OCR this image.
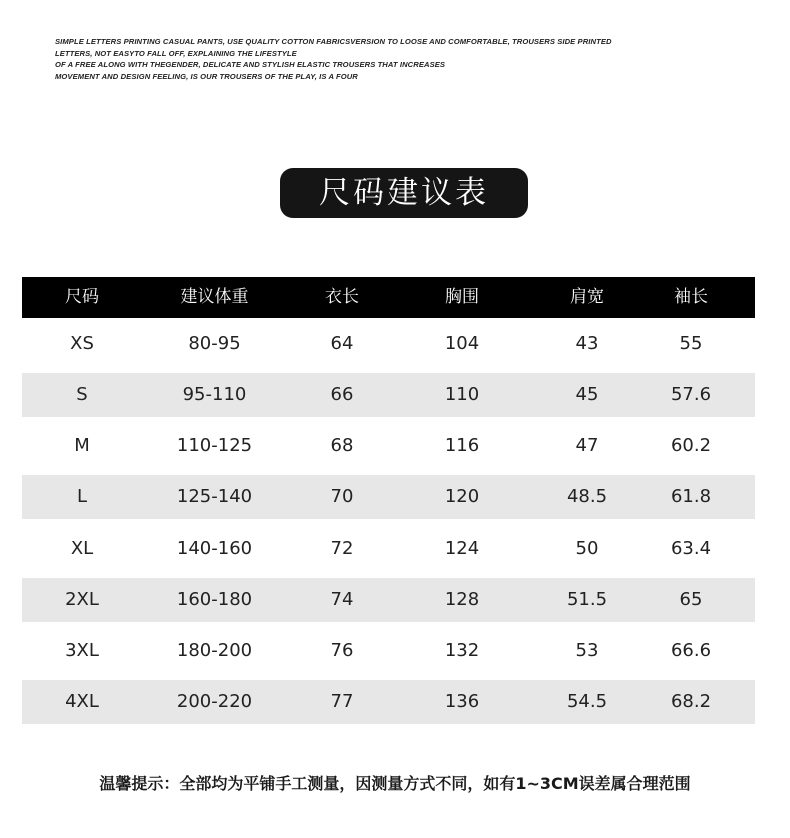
SIMPLE LETTERS PRINTING CASUAL PANTS, USE QUALITY COTTON FABRICSVERSION TO LOOSE AND COMFORTABLE, TROUSERS SIDE PRINTED
LETTERS, NOT EASYTO FALL OFF, EXPLAINING THE LIFESTYLE
OF A FREE ALONG WITH THEGENDER, DELICATE AND STYLISH ELASTIC TROUSERS THAT INCREASES
MOVEMENT AND DESIGN FEELING, IS OUR TROUSERS OF THE PLAY, IS A FOUR
尺码建议表
尺码	建议体重	衣长	胸围	肩宽	袖长
XS	80-95	64	104	43	55
S	95-110	66	110	45	57.6
M	110-125	68	116	47	60.2
L	125-140	70	120	48.5	61.8
XL	140-160	72	124	50	63.4
2XL	160-180	74	128	51.5	65
3XL	180-200	76	132	53	66.6
4XL	200-220	77	136	54.5	68.2
温馨提示：全部均为平铺手工测量，因测量方式不同，如有1~3CM误差属合理范围
